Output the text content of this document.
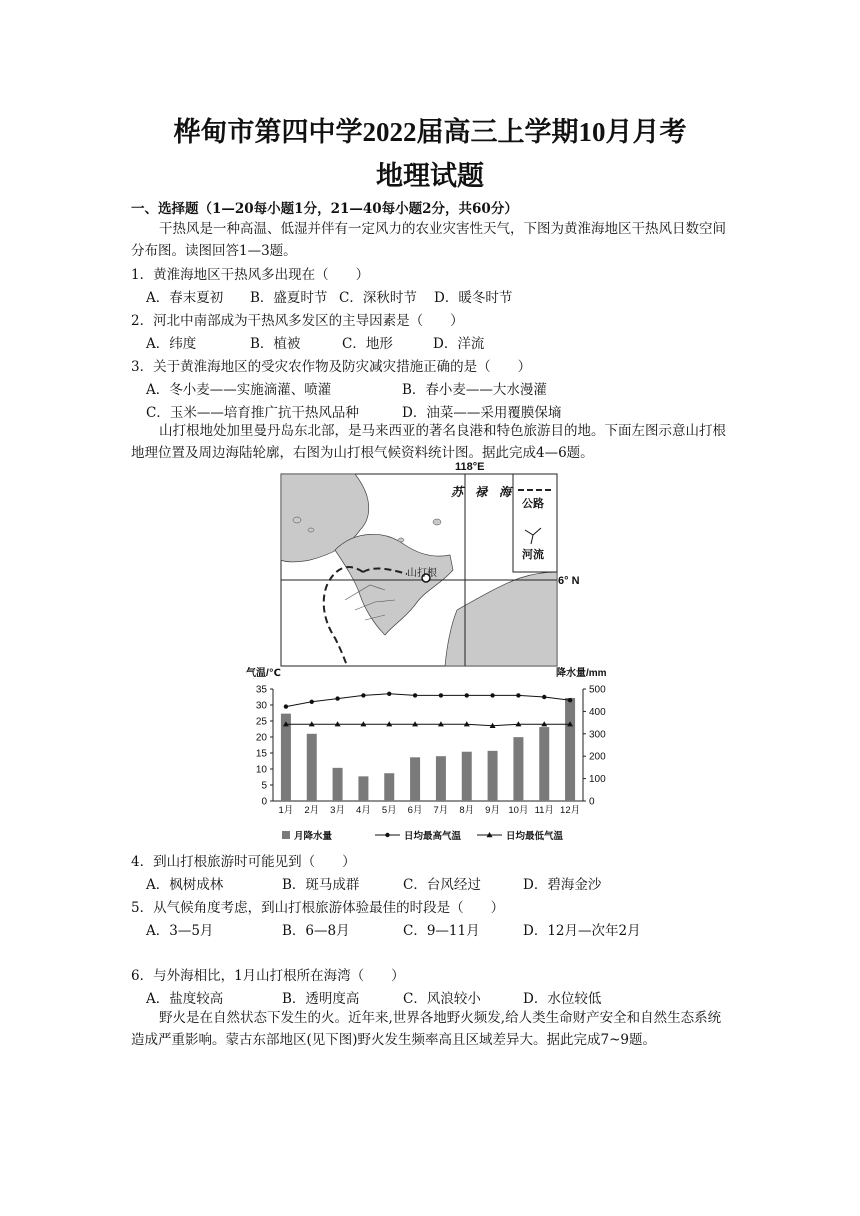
桦甸市第四中学2022届高三上学期10月月考
地理试题
一、选择题（1—20每小题1分，21—40每小题2分，共60分）
干热风是一种高温、低湿并伴有一定风力的农业灾害性天气，下图为黄淮海地区干热风日数空间分布图。读图回答1—3题。
1．黄淮海地区干热风多出现在（　　）
A．春末夏初 B．盛夏时节 C．深秋时节 D．暖冬时节
2．河北中南部成为干热风多发区的主导因素是（　　）
A．纬度	B．植被	C．地形	D．洋流
3．关于黄淮海地区的受灾农作物及防灾减灾措施正确的是（　　）
A．冬小麦——实施滴灌、喷灌	B．春小麦——大水漫灌
C．玉米——培育推广抗干热风品种	D．油菜——采用覆膜保墒
山打根地处加里曼丹岛东北部，是马来西亚的著名良港和特色旅游目的地。下面左图示意山打根地理位置及周边海陆轮廓，右图为山打根气候资料统计图。据此完成4—6题。
118°E
6° N
苏　禄　海
山打根
公路
河流
气温/℃	降水量/mm
0
5
10
15
20
25
30
35
0
100
200
300
400
500
1月 2月 3月 4月 5月 6月 7月 8月 9月 10月 11月 12月
月降水量	日均最高气温	日均最低气温
4．到山打根旅游时可能见到（　　）
A．枫树成林	B．斑马成群	C．台风经过	D．碧海金沙
5．从气候角度考虑，到山打根旅游体验最佳的时段是（　　）
A．3—5月	B．6—8月	C．9—11月	D．12月—次年2月
6．与外海相比，1月山打根所在海湾（　　）
A．盐度较高	B．透明度高	C．风浪较小	D．水位较低
野火是在自然状态下发生的火。近年来,世界各地野火频发,给人类生命财产安全和自然生态系统造成严重影响。蒙古东部地区(见下图)野火发生频率高且区域差异大。据此完成7~9题。
